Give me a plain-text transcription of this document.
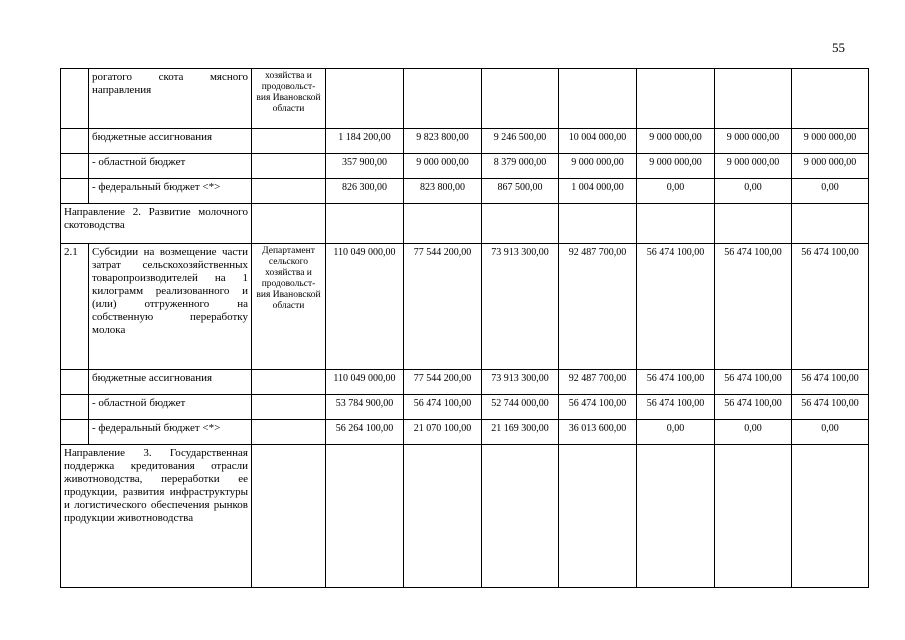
55
	рогатого скота мясного направления	хозяйства и продовольст-вия Ивановской области							
	бюджетные ассигнования		1 184 200,00	9 823 800,00	9 246 500,00	10 004 000,00	9 000 000,00	9 000 000,00	9 000 000,00
	- областной бюджет		357 900,00	9 000 000,00	8 379 000,00	9 000 000,00	9 000 000,00	9 000 000,00	9 000 000,00
	- федеральный бюджет <*>		826 300,00	823 800,00	867 500,00	1 004 000,00	0,00	0,00	0,00
Направление 2. Развитие молочного скотоводства									
2.1	Субсидии на возмещение части затрат сельскохозяйственных товаропроизводителей на 1 килограмм реализованного и (или) отгруженного на собственную переработку молока	Департамент сельского хозяйства и продовольст-вия Ивановской области	110 049 000,00	77 544 200,00	73 913 300,00	92 487 700,00	56 474 100,00	56 474 100,00	56 474 100,00
	бюджетные ассигнования		110 049 000,00	77 544 200,00	73 913 300,00	92 487 700,00	56 474 100,00	56 474 100,00	56 474 100,00
	- областной бюджет		53 784 900,00	56 474 100,00	52 744 000,00	56 474 100,00	56 474 100,00	56 474 100,00	56 474 100,00
	- федеральный бюджет <*>		56 264 100,00	21 070 100,00	21 169 300,00	36 013 600,00	0,00	0,00	0,00
Направление 3. Государственная поддержка кредитования отрасли животноводства, переработки ее продукции, развития инфраструктуры и логистического обеспечения рынков продукции животноводства									
